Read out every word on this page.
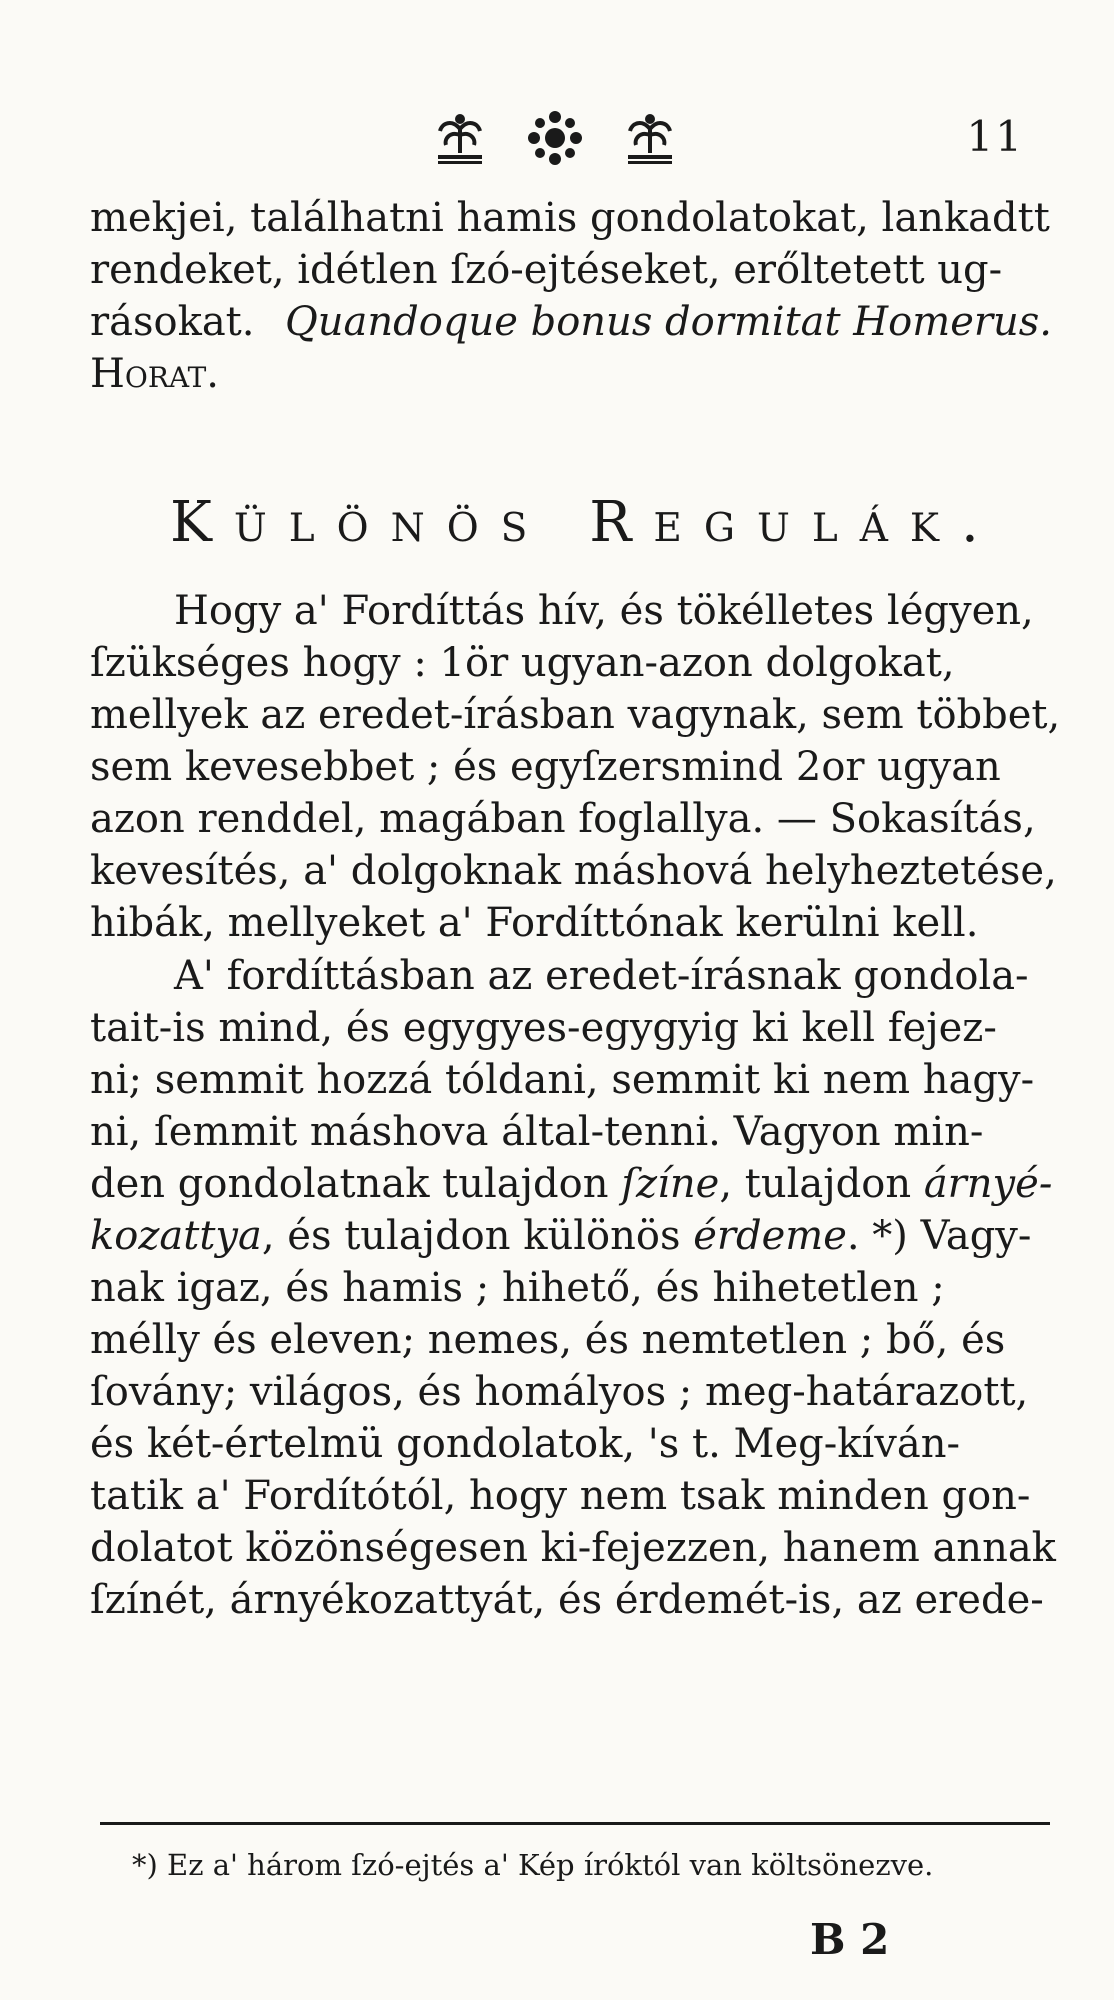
11
mekjei, találhatni hamis gondolatokat, lankadtt
rendeket, idétlen ſzó-ejtéseket, erőltetett ug-
rásokat. Quandoque bonus dormitat Homerus.
Horat.
Különös Regulák.
Hogy a' Fordíttás hív, és tökélletes légyen,
ſzükséges hogy : 1ör ugyan-azon dolgokat,
mellyek az eredet-írásban vagynak, sem többet,
sem kevesebbet ; és egyſzersmind 2or ugyan
azon renddel, magában foglallya. — Sokasítás,
kevesítés, a' dolgoknak máshová helyheztetése,
hibák, mellyeket a' Fordíttónak kerülni kell.
A' fordíttásban az eredet-írásnak gondola-
tait-is mind, és egygyes-egygyig ki kell fejez-
ni; semmit hozzá tóldani, semmit ki nem hagy-
ni, ſemmit máshova által-tenni. Vagyon min-
den gondolatnak tulajdon ſzíne, tulajdon árnyé-
kozattya, és tulajdon különös érdeme. *) Vagy-
nak igaz, és hamis ; hihető, és hihetetlen ;
mélly és eleven; nemes, és nemtetlen ; bő, és
ſovány; világos, és homályos ; meg-határazott,
és két-értelmü gondolatok, 's t. Meg-kíván-
tatik a' Fordítótól, hogy nem tsak minden gon-
dolatot közönségesen ki-fejezzen, hanem annak
ſzínét, árnyékozattyát, és érdemét-is, az erede-
*) Ez a' három ſzó-ejtés a' Kép íróktól van költsönezve.
B 2
